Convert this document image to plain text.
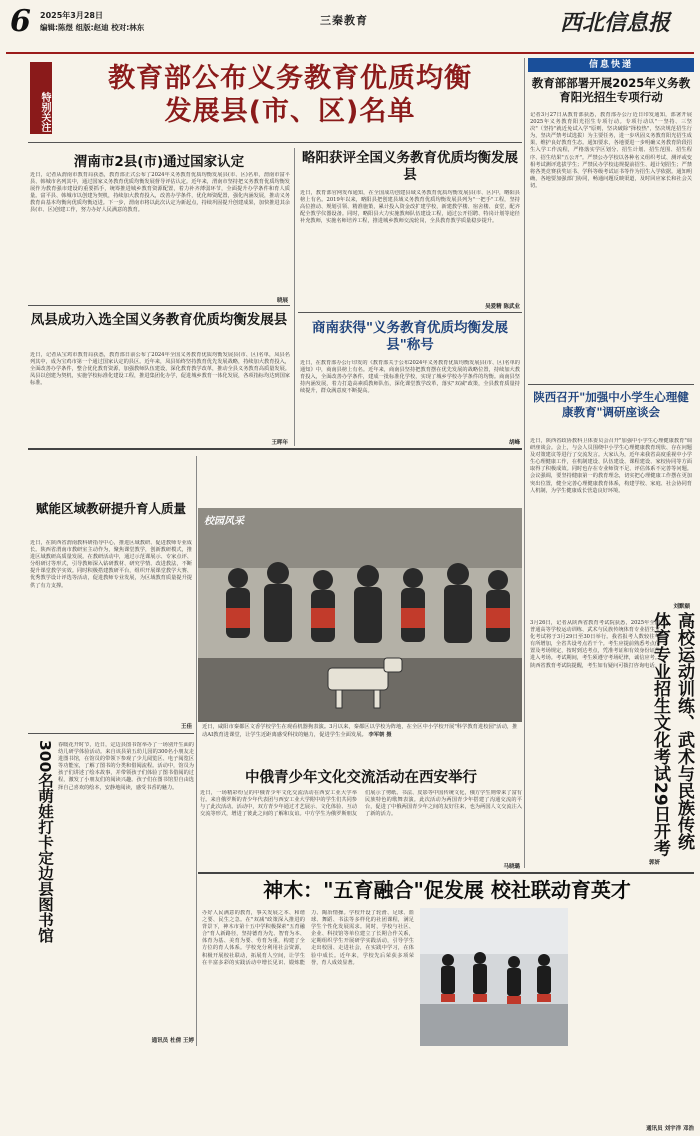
6 2025年3月28日
编辑:陈煜 组版:赵迪 校对:林东
三秦教育	西北信息报
特别关注
教育部公布义务教育优质均衡
发展县(市、区)名单
信息快递
教育部部署开展2025年义务教育阳光招生专项行动
记者3月27日从教育部获悉，教育部办公厅近日印发通知，部署开展2025年义务教育阳光招生专项行动。专项行动以"一坚持、三坚决"（坚持"就近免试入学"原则，坚决破除"择校热"，坚决规范招生行为，坚决严禁考试选拔）为主要任务，进一步巩固义务教育阳光招生成果，维护良好教育生态。通知要求，各地要进一步明确义务教育阶段招生入学工作流程，严格落实学区划分、招生计划、招生范围、招生程序、招生结果"五公开"。严禁公办学校以各种名义组织考试、测评或变相考试测评选拔学生；严禁民办学校违规提前招生、超计划招生；严禁将各类竞赛获奖证书、学科等级考试证书等作为招生入学依据。通知明确，各地要加强部门协同，畅通问题反映渠道，及时回应家长和社会关切。
陕西召开"加强中小学生心理健康教育"调研座谈会
近日，陕西省政协教科卫体委员会召开"加强中小学生心理健康教育"调研座谈会。会上，与会人员围绕中小学生心理健康教育现状、存在问题及对策建议等进行了交流发言。大家认为，近年来我省高度重视中小学生心理健康工作，在机制建设、队伍建设、课程建设、家校协同等方面取得了积极成效。同时也存在专业师资不足、评估体系不完善等问题。会议强调，要坚持健康第一的教育理念，切实把心理健康工作摆在更加突出位置，健全完善心理健康教育体系，构建学校、家庭、社会协同育人机制，为学生健康成长营造良好环境。
刘默颐
渭南市2县(市)通过国家认定
近日，记者从渭南市教育局获悉，教育部正式公布了2024年义务教育优质均衡发展县(市、区)名单，渭南市富平县、韩城市名列其中，通过国家义务教育优质均衡发展督导评估认定。近年来，渭南市坚持把义务教育优质均衡发展作为教育强市建设的重要抓手，统筹推进城乡教育资源配置，着力补齐薄弱环节，全面提升办学条件和育人质量。富平县、韩城市以创建为契机，持续加大教育投入，改善办学条件，优化师资配置，强化内涵发展，推动义务教育由基本均衡向优质均衡迈进。下一步，渭南市将以此次认定为新起点，持续巩固提升创建成果，加快推进其余县(市、区)创建工作，努力办好人民满意的教育。
晓展
凤县成功入选全国义务教育优质均衡发展县
近日，记者从宝鸡市教育局获悉，教育部日前公布了2024年全国义务教育优质均衡发展县(市、区)名单，凤县名列其中，成为宝鸡市第一个通过国家认定的县区。近年来，凤县始终坚持教育优先发展战略，持续加大教育投入，全面改善办学条件，整合优化教育资源，加强教师队伍建设，深化教育教学改革，推动全县义务教育高质量发展。凤县以创建为契机，实施学校标准化建设工程，推进集团化办学，促进城乡教育一体化发展，各项指标均达到国家标准。
王晖年
略阳获评全国义务教育优质均衡发展县
近日，教育部官网发布通知，在全国成功创建县域义务教育优质均衡发展县(市、区)中，略阳县榜上有名。2019年以来，略阳县把创建县域义务教育优质均衡发展县列为"一把手"工程，坚持高位推动、规划引领、精准施策，累计投入资金改扩建学校，新建教学楼、宿舍楼、食堂，配齐配全教学仪器设备。同时，略阳县大力实施教师队伍建设工程，通过公开招聘、特岗计划等途径补充教师，实施名师培养工程，推进城乡教师交流轮岗，全县教育教学质量稳步提升。
吴爱精 陈武业
商南获得"义务教育优质均衡发展县"称号
近日，在教育部办公厅印发的《教育部关于公布2024年义务教育优质均衡发展县(市、区)名单的通知》中，商南县榜上有名。近年来，商南县坚持把教育摆在优先发展的战略位置，持续加大教育投入，全面改善办学条件，建成一批标准化学校，实现了城乡学校办学条件的均衡。商南县坚持内涵发展，着力打造高素质教师队伍，深化课堂教学改革，落实"双减"政策，全县教育质量持续提升，群众满意度不断提高。
胡峰
赋能区域教研提升育人质量
近日，在陕西省渭南教科研指导中心，推进区域教研、促进教师专业成长。陕西省渭南市教研室主动作为，聚焦课堂教学，创新教研模式，推进区域教研高质量发展。在教研活动中，通过示范课展示、专家点评、分组研讨等形式，引导教师深入钻研教材、研究学情、改进教法，不断提升课堂教学实效。同时积极搭建教研平台，组织开展课堂教学大赛、优秀教学设计评选等活动，促进教师专业发展，为区域教育质量提升提供了有力支撑。
王佳
300名萌娃打卡定边县图书馆 春暖花开时节，近日，定边县图书馆举办了一场别开生面的幼儿研学体验活动。来自该县第五幼儿园的300名小朋友走进图书馆，在馆员的带领下参观了少儿阅览区、电子阅览区等功能室，了解了图书的分类和借阅流程。活动中，馆员为孩子们讲述了绘本故事，并带领孩子们体验了图书借阅的过程，激发了小朋友们的阅读兴趣。孩子们在图书馆里自由选择自己喜欢的绘本，安静地阅读，感受书香的魅力。
通讯员 杜倩 王婷
校园风采
近日，咸阳市秦都区文香学校学生在观看机器狗表演。3月以来，秦都区以学校为阵地，在全区中小学校开展"科学教育进校园"活动，推动AI教育进课堂，让学生近距离感受科技的魅力，促进学生全面发展。 李军朝 摄
中俄青少年文化交流活动在西安举行
近日，一场精彩纷呈的中俄青少年文化交流活动在西安工业大学举行。来自俄罗斯的青少年代表团与西安工业大学附中的学生们共同参与了此次活动。活动中，双方青少年通过才艺展示、文化体验、互动交流等形式，增进了彼此之间的了解和友谊。中方学生为俄罗斯朋友们展示了剪纸、书法、皮影等中国传统文化，俄方学生则带来了富有民族特色的歌舞表演。此次活动为两国青少年搭建了沟通交流的平台，促进了中俄两国青少年之间的友好往来，也为两国人文交流注入了新的活力。
马晓璐
高校运动训练、武术与民族传统体育专业招生文化考试29日开考
3月26日，记者从陕西省教育考试院获悉，2025年全国普通高等学校运动训练、武术与民族传统体育专业招生文化考试将于3月29日至30日举行。我省报考人数较往年有所增加，全省共设考点若干个。考生应提前熟悉考点位置及考场规定，按时到达考点，凭准考证和有效身份证件进入考场。考试期间，考生须遵守考场纪律，诚信应考。陕西省教育考试院提醒，考生如有疑问可拨打咨询电话。
郭妍
神木："五育融合"促发展 校社联动育英才
办好人民满意的教育，事关发展之本、和谐之要、民生之急。在"双减"政策深入推进的背景下，神木市第十五中学积极探索"五育融合"育人新路径，坚持德育为先、智育为本、体育为基、美育为要、劳育为重，构建了全方位的育人体系。学校充分利用社会资源，积极开展校社联动，拓展育人空间，让学生在丰富多彩的实践活动中增长见识、锻炼能力、陶冶情操。学校开设了轮滑、足球、篮球、舞蹈、书法等多样化的社团课程，满足学生个性化发展需求。同时，学校与社区、企业、科技馆等单位建立了长期合作关系，定期组织学生开展研学实践活动，引导学生走出校园、走进社会，在实践中学习，在体验中成长。近年来，学校先后荣获多项荣誉，育人成效显著。
通讯员 刘宇洋 邓浩
